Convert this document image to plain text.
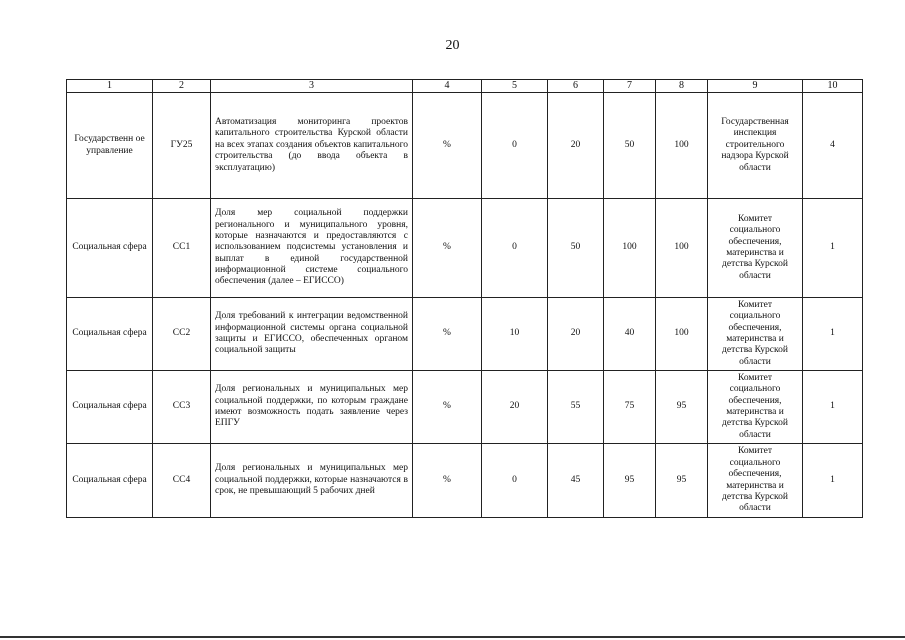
20
1	2	3	4	5	6	7	8	9	10
Государственн ое управление	ГУ25	Автоматизация мониторинга проектов капитального строительства Курской области на всех этапах создания объектов капитального строительства (до ввода объекта в эксплуатацию)	%	0	20	50	100	Государственная инспекция строительного надзора Курской области	4
Социальная сфера	СС1	Доля мер социальной поддержки регионального и муниципального уровня, которые назначаются и предоставляются с использованием подсистемы установления и выплат в единой государственной информационной системе социального обеспечения (далее – ЕГИССО)	%	0	50	100	100	Комитет социального обеспечения, материнства и детства Курской области	1
Социальная сфера	СС2	Доля требований к интеграции ведомственной информационной системы органа социальной защиты и ЕГИССО, обеспеченных органом социальной защиты	%	10	20	40	100	Комитет социального обеспечения, материнства и детства Курской области	1
Социальная сфера	СС3	Доля региональных и муниципальных мер социальной поддержки, по которым граждане имеют возможность подать заявление через ЕПГУ	%	20	55	75	95	Комитет социального обеспечения, материнства и детства Курской области	1
Социальная сфера	СС4	Доля региональных и муниципальных мер социальной поддержки, которые назначаются в срок, не превышающий 5 рабочих дней	%	0	45	95	95	Комитет социального обеспечения, материнства и детства Курской области	1
